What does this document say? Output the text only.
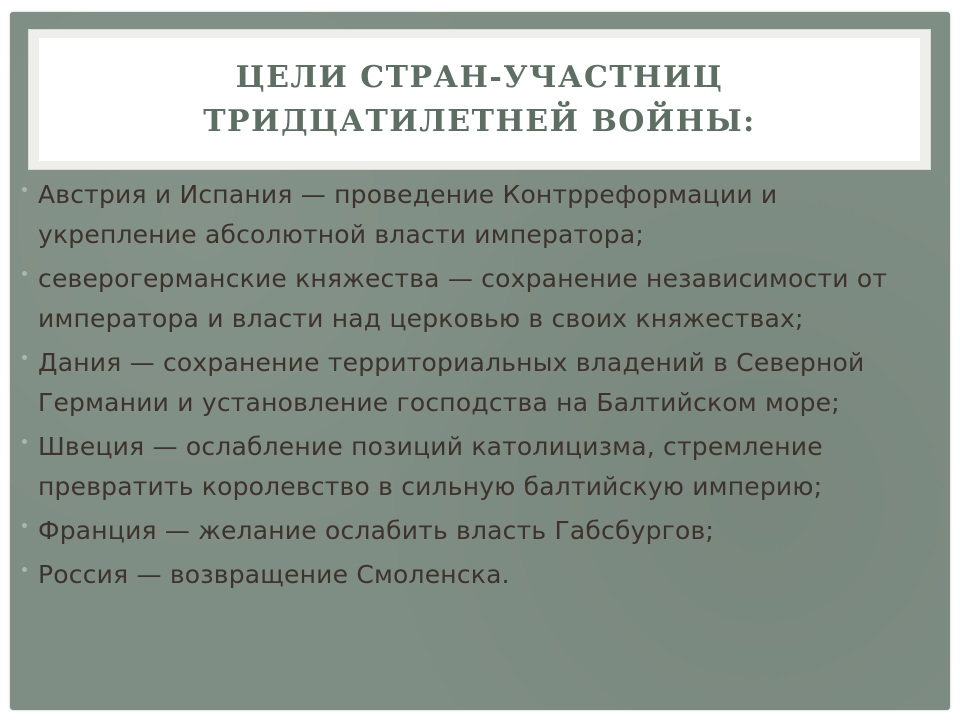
ЦЕЛИ СТРАН-УЧАСТНИЦ
ТРИДЦАТИЛЕТНЕЙ ВОЙНЫ:
Австрия и Испания — проведение Контрреформации и укрепление абсолютной власти императора;
северогерманские княжества — сохранение независимости от императора и власти над церковью в своих княжествах;
Дания — сохранение территориальных владений в Северной Германии и установление господства на Балтийском море;
Швеция — ослабление позиций католицизма, стремление превратить королевство в сильную балтийскую империю;
Франция — желание ослабить власть Габсбургов;
Россия — возвращение Смоленска.
